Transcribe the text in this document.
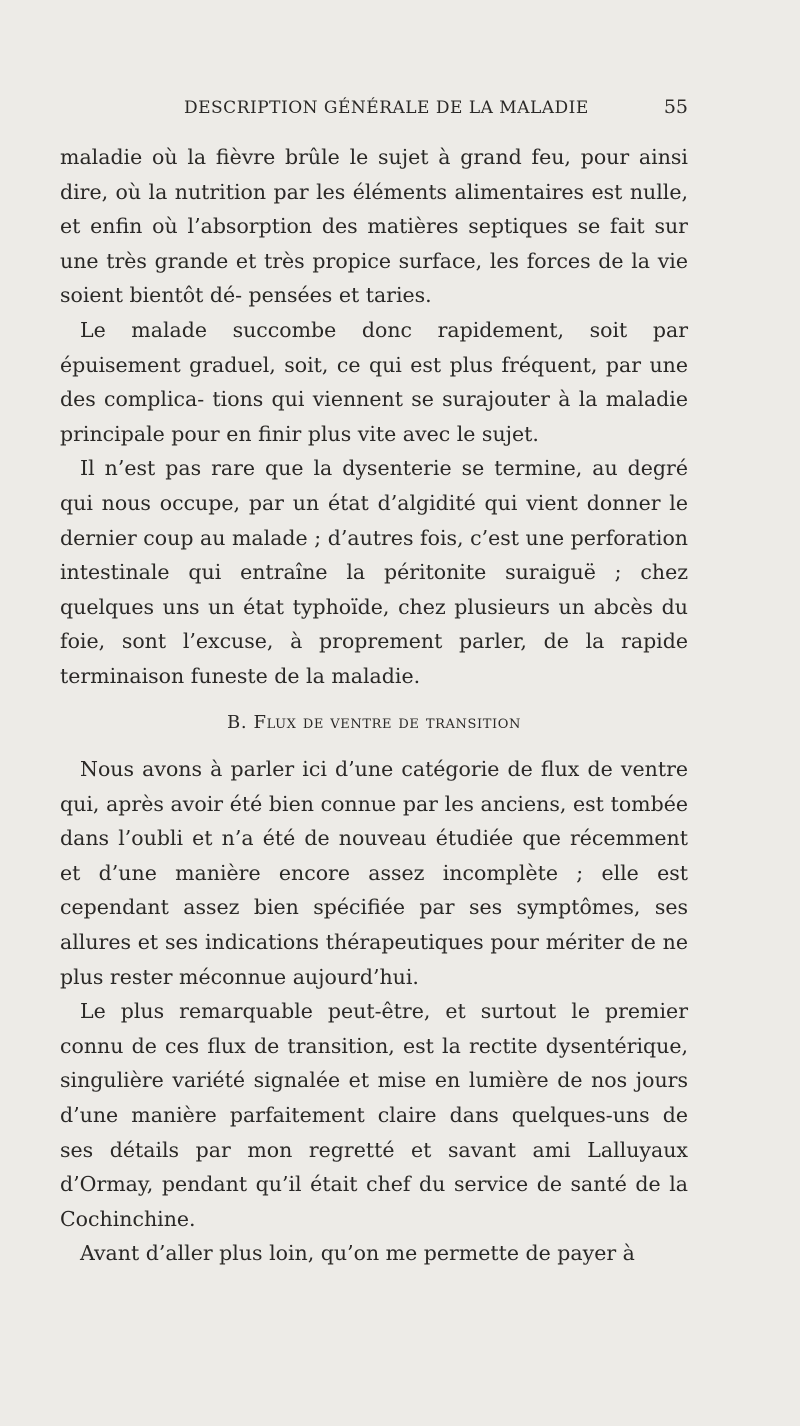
DESCRIPTION GÉNÉRALE DE LA MALADIE	55

maladie où la fièvre brûle le sujet à grand feu, pour ainsi dire, où la nutrition par les éléments alimentaires est nulle, et enfin où l’absorption des matières septiques se fait sur une très grande et très propice surface, les forces de la vie soient bientôt dé- pensées et taries.

Le malade succombe donc rapidement, soit par épuisement graduel, soit, ce qui est plus fréquent, par une des complica- tions qui viennent se surajouter à la maladie principale pour en finir plus vite avec le sujet.

Il n’est pas rare que la dysenterie se termine, au degré qui nous occupe, par un état d’algidité qui vient donner le dernier coup au malade ; d’autres fois, c’est une perforation intestinale qui entraîne la péritonite suraiguë ; chez quelques uns un état typhoïde, chez plusieurs un abcès du foie, sont l’excuse, à proprement parler, de la rapide terminaison funeste de la maladie.

B. Flux de ventre de transition

Nous avons à parler ici d’une catégorie de flux de ventre qui, après avoir été bien connue par les anciens, est tombée dans l’oubli et n’a été de nouveau étudiée que récemment et d’une manière encore assez incomplète ; elle est cependant assez bien spécifiée par ses symptômes, ses allures et ses indications thérapeutiques pour mériter de ne plus rester méconnue aujourd’hui.

Le plus remarquable peut-être, et surtout le premier connu de ces flux de transition, est la rectite dysentérique, singulière variété signalée et mise en lumière de nos jours d’une manière parfaitement claire dans quelques-uns de ses détails par mon regretté et savant ami Lalluyaux d’Ormay, pendant qu’il était chef du service de santé de la Cochinchine.

Avant d’aller plus loin, qu’on me permette de payer à
